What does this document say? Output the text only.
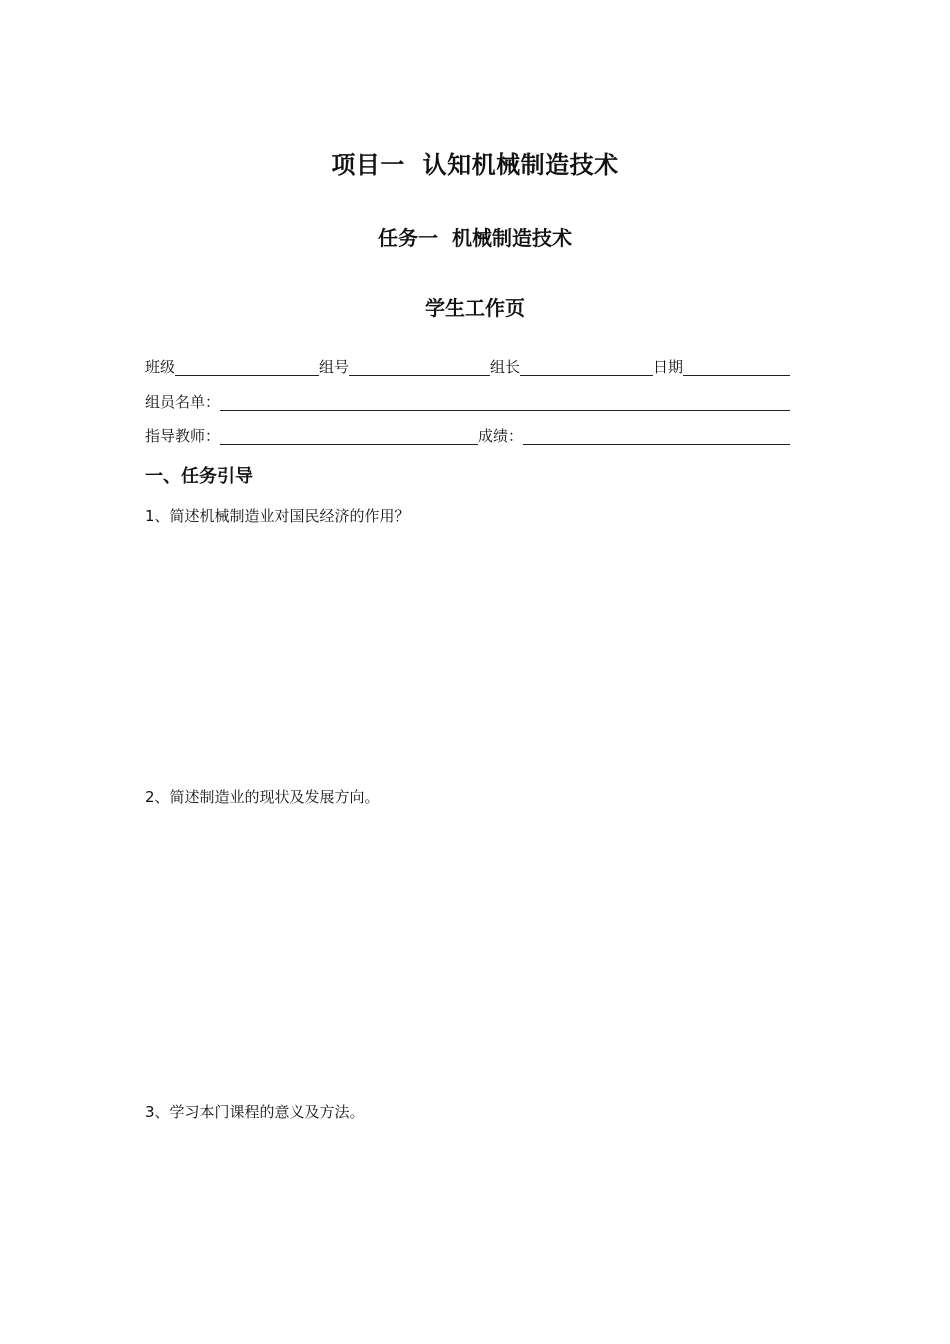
项目一  认知机械制造技术
任务一  机械制造技术
学生工作页
班级	组号	组长	日期
组员名单：
指导教师：	成绩：
一、任务引导
1、简述机械制造业对国民经济的作用？
2、简述制造业的现状及发展方向。
3、学习本门课程的意义及方法。
